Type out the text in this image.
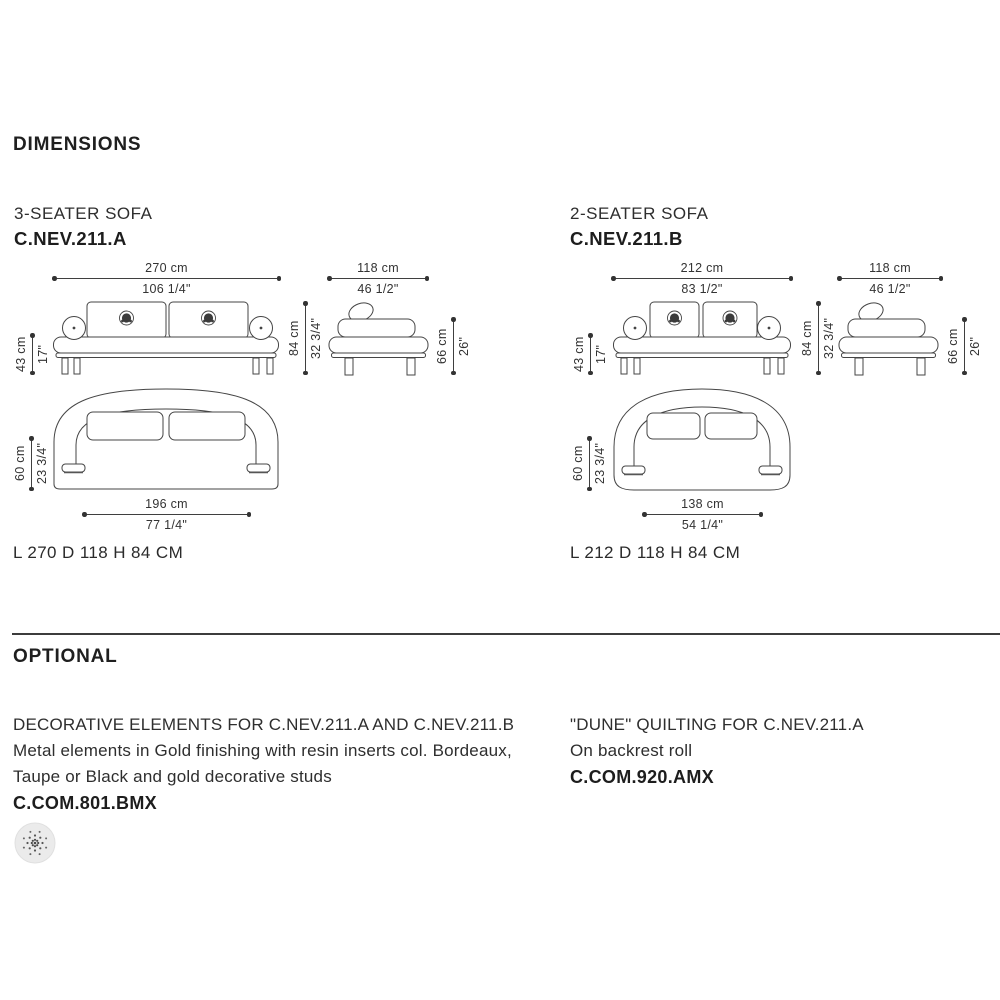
DIMENSIONS
3-SEATER SOFA
C.NEV.211.A
270 cm
106 1/4"
118 cm
46 1/2"
43 cm 17"	84 cm 32 3/4"	66 cm 26"
60 cm 23 3/4"
196 cm
77 1/4"
L 270 D 118 H 84 CM
2-SEATER SOFA
C.NEV.211.B
212 cm
83 1/2"
118 cm
46 1/2"
43 cm 17"	84 cm 32 3/4"	66 cm 26"
60 cm 23 3/4"
138 cm
54 1/4"
L 212 D 118 H 84 CM
OPTIONAL
DECORATIVE ELEMENTS FOR C.NEV.211.A AND C.NEV.211.B
Metal elements in Gold finishing with resin inserts col. Bordeaux,
Taupe or Black and gold decorative studs
C.COM.801.BMX
"DUNE" QUILTING FOR C.NEV.211.A
On backrest roll
C.COM.920.AMX
